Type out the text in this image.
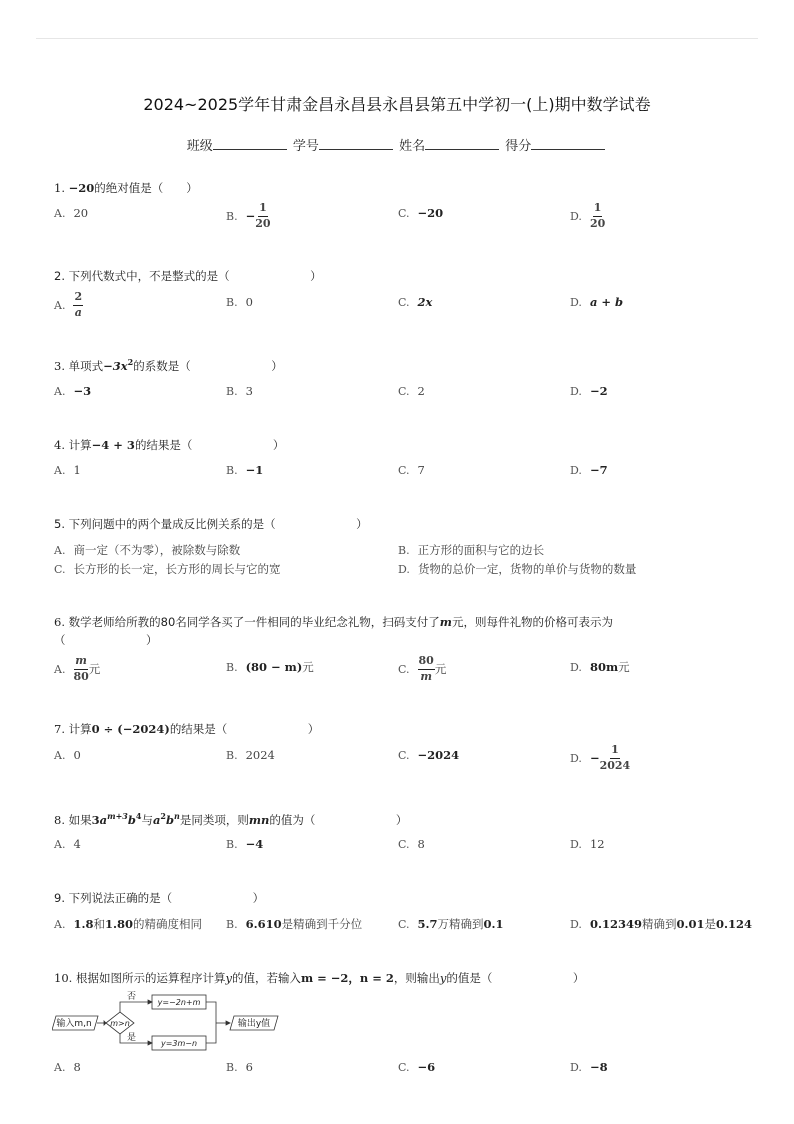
2024~2025学年甘肃金昌永昌县永昌县第五中学初一(上)期中数学试卷
班级	学号	姓名	得分
1. −20的绝对值是（　　）
A. 20	B. − $\frac{1}{20}$	C. −20	D. $\frac{1}{20}$
2. 下列代数式中，不是整式的是（　　　　　　　）
A. $\frac{2}{a}$	B. 0	C. 2x	D. a + b
3. 单项式$-3x^2$的系数是（　　　　　　　）
A. −3	B. 3	C. 2	D. −2
4. 计算−4 + 3的结果是（　　　　　　　）
A. 1	B. −1	C. 7	D. −7
5. 下列问题中的两个量成反比例关系的是（　　　　　　　）
A. 商一定（不为零），被除数与除数	B. 正方形的面积与它的边长
C. 长方形的长一定，长方形的周长与它的宽	D. 货物的总价一定，货物的单价与货物的数量
6. 数学老师给所教的80名同学各买了一件相同的毕业纪念礼物，扫码支付了m元，则每件礼物的价格可表示为
（　　　　　　　）
A. $\frac{m}{80}$ 元	B. (80 − m) 元	C. $\frac{80}{m}$ 元	D. 80m 元
7. 计算0 ÷ (−2024)的结果是（　　　　　　　）
A. 0	B. 2024	C. −2024	D. − $\frac{1}{2024}$
8. 如果$3a^{m+3}b^4$与$a^2b^n$是同类项，则mn的值为（　　　　　　　）
A. 4	B. −4	C. 8	D. 12
9. 下列说法正确的是（　　　　　　　）
A. 1.8 和 1.80 的精确度相同 B. 6.610 是精确到千分位	C. 5.7 万精确到 0.1	D. 0.12349 精确到 0.01 是 0.124
10. 根据如图所示的运算程序计算y的值，若输入m = −2，n = 2，则输出y的值是（　　　　　　　）
输入m,n m>n
否
是
y=−2n+m
y=3m−n
输出y值
A. 8	B. 6	C. −6	D. −8
